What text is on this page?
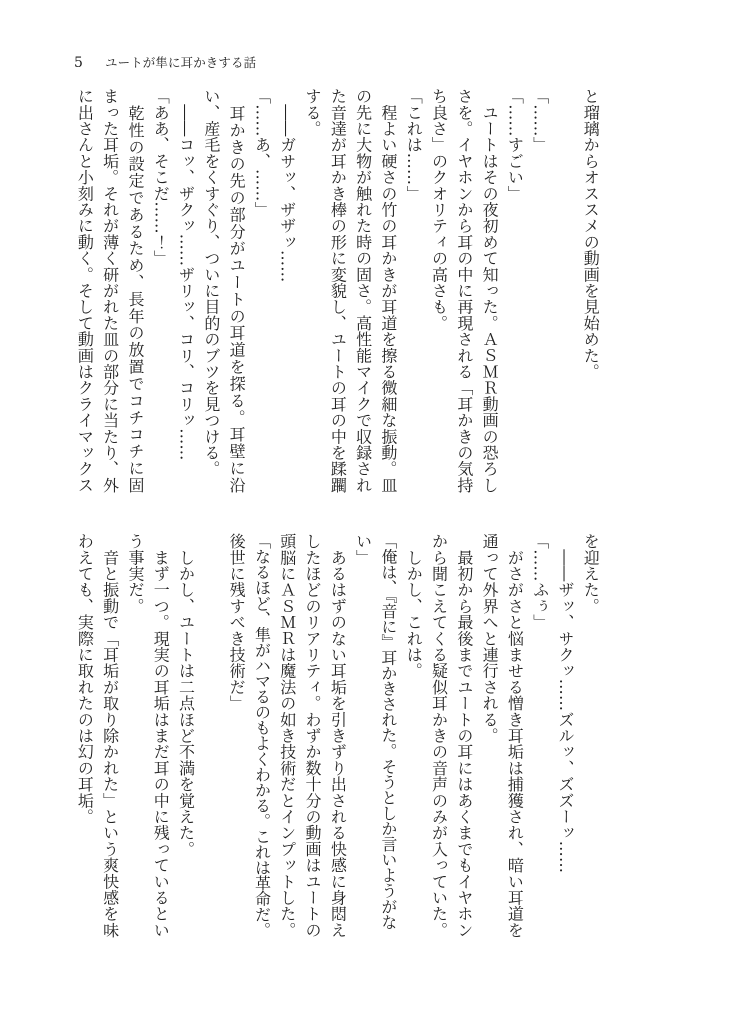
5	ユートが隼に耳かきする話
と瑠璃からオススメの動画を見始めた。
「……」
「……すごい」
　ユートはその夜初めて知った。ＡＳＭＲ動画の恐ろし
さを。イヤホンから耳の中に再現される「耳かきの気持
ち良さ」のクオリティの高さも。
「これは……」
　程よい硬さの竹の耳かきが耳道を擦る微細な振動。皿
の先に大物が触れた時の固さ。高性能マイクで収録され
た音達が耳かき棒の形に変貌し、ユートの耳の中を蹂躙
する。
　――ガサッ、ザザッ……
「……あ、……」
　耳かきの先の部分がユートの耳道を探る。耳壁に沿
い、産毛をくすぐり、ついに目的のブツを見つける。
　――コッ、ザクッ……ザリッ、コリ、コリッ……
「ああ、そこだ……！」
　乾性の設定であるため、長年の放置でコチコチに固
まった耳垢。それが薄く研がれた皿の部分に当たり、外
に出さんと小刻みに動く。そして動画はクライマックス
を迎えた。
　――ザッ、サクッ……ズルッ、ズズーッ……
「……ふぅ」
　がさがさと悩ませる憎き耳垢は捕獲され、暗い耳道を
通って外界へと連行される。
　最初から最後までユートの耳にはあくまでもイヤホン
から聞こえてくる疑似耳かきの音声のみが入っていた。
　しかし、これは。
「俺は、『音に』耳かきされた。そうとしか言いようがな
い」
　あるはずのない耳垢を引きずり出される快感に身悶え
したほどのリアリティ。わずか数十分の動画はユートの
頭脳にＡＳＭＲは魔法の如き技術だとインプットした。
「なるほど、隼がハマるのもよくわかる。これは革命だ。
後世に残すべき技術だ」
　しかし、ユートは二点ほど不満を覚えた。
　まず一つ。現実の耳垢はまだ耳の中に残っているとい
う事実だ。
　音と振動で「耳垢が取り除かれた」という爽快感を味
わえても、実際に取れたのは幻の耳垢。
